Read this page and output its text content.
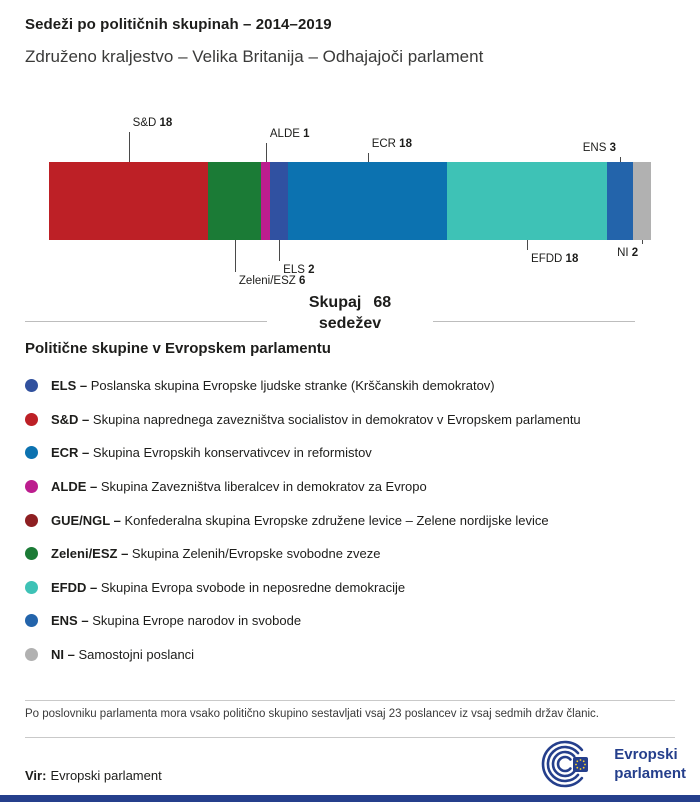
Sedeži po političnih skupinah – 2014–2019
Združeno kraljestvo – Velika Britanija – Odhajajoči parlament
S&D 18
Zeleni/ESZ 6
ALDE 1
ELS 2
ECR 18
EFDD 18
ENS 3
NI 2
Skupaj 68
sedežev
Politične skupine v Evropskem parlamentu
ELS – Poslanska skupina Evropske ljudske stranke (Krščanskih demokratov)
S&D – Skupina naprednega zavezništva socialistov in demokratov v Evropskem parlamentu
ECR – Skupina Evropskih konservativcev in reformistov
ALDE – Skupina Zavezništva liberalcev in demokratov za Evropo
GUE/NGL – Konfederalna skupina Evropske združene levice – Zelene nordijske levice
Zeleni/ESZ – Skupina Zelenih/Evropske svobodne zveze
EFDD – Skupina Evropa svobode in neposredne demokracije
ENS – Skupina Evrope narodov in svobode
NI – Samostojni poslanci
Po poslovniku parlamenta mora vsako politično skupino sestavljati vsaj 23 poslancev iz vsaj sedmih držav članic.
Vir: Evropski parlament
Evropski
parlament
